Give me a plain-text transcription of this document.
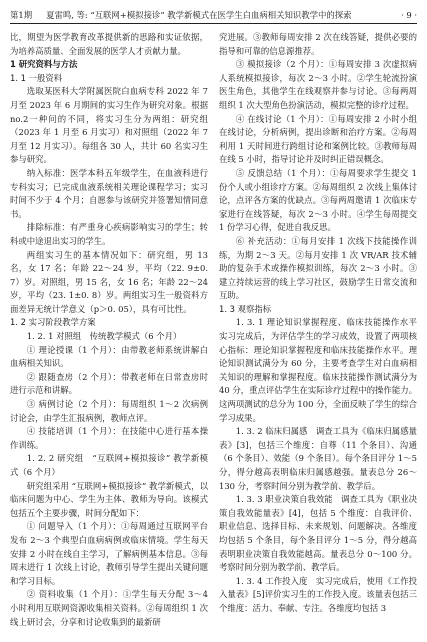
第1期 夏雷鸣, 等: “互联网+模拟接诊” 教学新模式在医学生白血病相关知识教学中的探索	· 9 ·

比，期望为医学教育改革提供新的思路和实证依据，为培养高质量、全面发展的医学人才贡献力量。

1 研究资料与方法

1. 1 一般资料

选取某医科大学附属医院白血病专科 2022 年 7 月至 2023 年 6 月期间的实习生作为研究对象。根据no.2一种问的不同，将实习生分为两组：研究组（2023 年 1 月至 6 月实习）和对照组（2022 年 7 月至 12 月实习）。每组各 30 人，共计 60 名实习生参与研究。

纳入标准：医学本科五年级学生，在血液科进行专科实习；已完成血液系统相关理论课程学习；实习时间不少于 4 个月；自愿参与该研究并签署知情同意书。

排除标准：有严重身心疾病影响实习的学生；转科或中途退出实习的学生。

两组实习生的基本情况如下：研究组，男 13 名，女 17 名；年龄 22～24 岁，平均（22. 9±0. 7）岁。对照组，男 15 名，女 16 名；年龄 22～24 岁，平均（23. 1±0. 8）岁。两组实习生一般资料方面差异无统计学意义（p＞0. 05），具有可比性。

1. 2 实习阶段教学方案

1. 2. 1 对照组　传统教学模式（6 个月）

① 理论授课（1 个月）：由带教老师系统讲解白血病相关知识。

② 跟随查房（2 个月）：带教老师在日常查房时进行示范和讲解。

③ 病例讨论（2 个月）：每周组织 1～2 次病例讨论会，由学生汇报病例，教师点评。

④ 技能培训（1 个月）：在技能中心进行基本操作训练。

1. 2. 2 研究组　“互联网+模拟接诊” 教学新模式（6 个月）

研究组采用 “互联网+模拟接诊” 教学新模式，以临床问题为中心、学生为主体、教师为导向。该模式包括五个主要步骤，时间分配如下：

① 问题导入（1 个月）：①每周通过互联网平台发布 2～3 个典型白血病病例或临床情境。学生每天安排 2 小时在线自主学习，了解病例基本信息。③每周末进行 1 次线上讨论，教师引导学生提出关键问题和学习目标。

② 资料收集（1 个月）：①学生每天分配 3～4 小时利用互联网资源收集相关资料。②每周组织 1 次线上研讨会，分享和讨论收集到的最新研

究进展。③教师每周安排 2 次在线答疑，提供必要的指导和可靠的信息源推荐。

③ 模拟接诊（2 个月）：①每周安排 3 次虚拟病人系统模拟接诊，每次 2～3 小时。②学生轮流扮演医生角色，其他学生在线观察并参与讨论。③每两周组织 1 次大型角色扮演活动，模拟完整的诊疗过程。

④ 在线讨论（1 个月）：①每周安排 2 小时小组在线讨论，分析病例，提出诊断和治疗方案。②每周利用 1 天时间进行跨组讨论和案例比较。③教师每周在线 5 小时，指导讨论并及时纠正错误概念。

⑤ 反馈总结（1 个月）：①每周要求学生提交 1 份个人或小组诊疗方案。②每周组织 2 次线上集体讨论，点评各方案的优缺点。③每两周邀请 1 次临床专家进行在线答疑，每次 2～3 小时。④学生每周提交 1 份学习心得，促进自我反思。

⑥ 补充活动：①每月安排 1 次线下技能操作训练，为期 2～3 天。②每月安排 1 次 VR/AR 技术辅助的复杂手术或操作模拟训练，每次 2～3 小时。③建立持续运营的线上学习社区，鼓励学生日常交流和互助。

1. 3 观察指标

1. 3. 1 理论知识掌握程度、临床技能操作水平　实习完成后，为评估学生的学习成效，设置了两项核心指标：理论知识掌握程度和临床技能操作水平。理论知识测试满分为 60 分，主要考查学生对白血病相关知识的理解和掌握程度。临床技能操作测试满分为 40 分，重点评估学生在实际诊疗过程中的操作能力。这两项测试的总分为 100 分，全面反映了学生的综合学习成果。

1. 3. 2 临床归属感　调查工具为《临床归属感量表》[3]，包括三个维度：自尊（11 个条目）、沟通（6 个条目）、效能（9 个条目）。每个条目评分 1～5 分，得分越高表明临床归属感越强。量表总分 26～130 分，考察时间分别为教学前、教学后。

1. 3. 3 职业决策自我效能　调查工具为《职业决策自我效能量表》[4]，包括 5 个维度：自我评价、职业信息、选择目标、未来规划、问题解决。各维度均包括 5 个条目，每个条目评分 1～5 分，得分越高表明职业决策自我效能越高。量表总分 0～100 分。考察时间分别为教学前、教学后。

1. 3. 4 工作投入度　实习完成后，使用《工作投入量表》[5]评价实习生的工作投入度。该量表包括三个维度：活力、奉献、专注。各维度均包括 3
